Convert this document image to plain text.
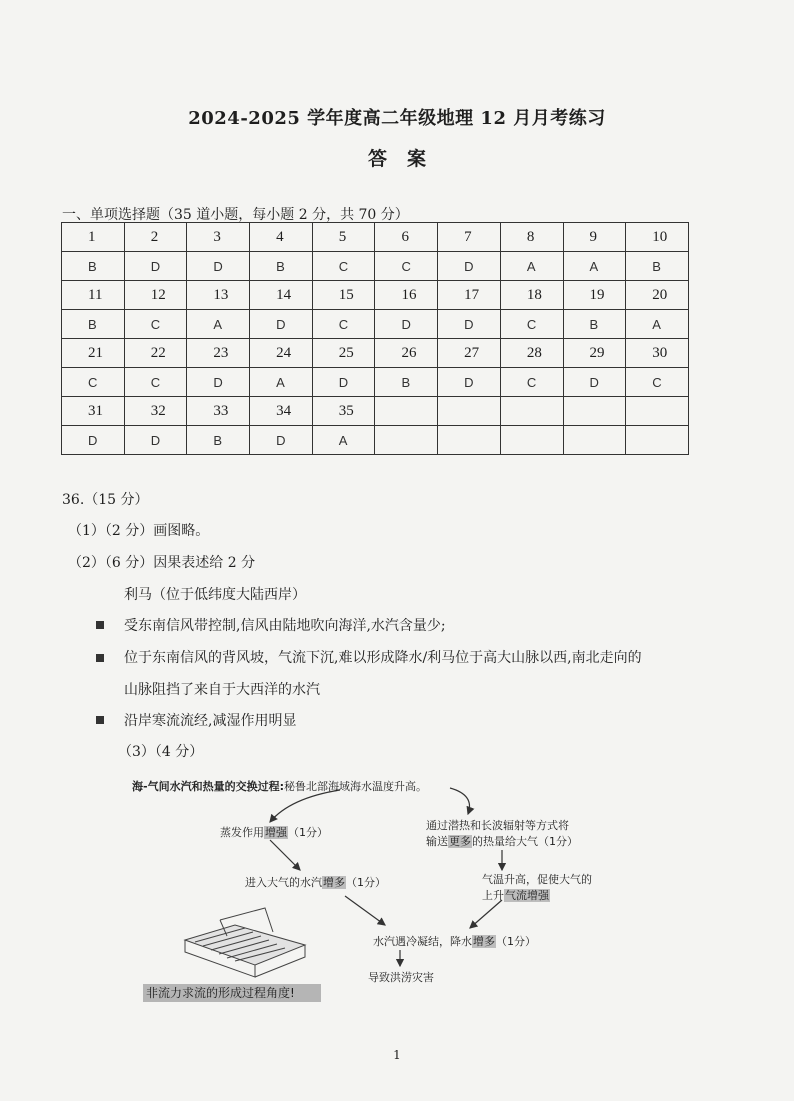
2024-2025 学年度高二年级地理 12 月月考练习
答案
一、单项选择题（35 道小题，每小题 2 分，共 70 分）
1	2	3	4	5	6	7	8	9	10
B	D	D	B	C	C	D	A	A	B
11	12	13	14	15	16	17	18	19	20
B	C	A	D	C	D	D	C	B	A
21	22	23	24	25	26	27	28	29	30
C	C	D	A	D	B	D	C	D	C
31	32	33	34	35					
D	D	B	D	A					
36.（15 分）
（1）（2 分）画图略。
（2）（6 分）因果表述给 2 分
利马（位于低纬度大陆西岸）
受东南信风带控制,信风由陆地吹向海洋,水汽含量少;
位于东南信风的背风坡，气流下沉,难以形成降水/利马位于高大山脉以西,南北走向的
山脉阻挡了来自于大西洋的水汽
沿岸寒流流经,减湿作用明显
（3）（4 分）
海-气间水汽和热量的交换过程:秘鲁北部海域海水温度升高。
蒸发作用增强（1分）
通过潜热和长波辐射等方式将
输送更多的热量给大气（1分）
进入大气的水汽增多（1分）	气温升高，促使大气的
上升气流增强
水汽遇冷凝结，降水增多（1分）
导致洪涝灾害
非流力求流的形成过程角度!
1
